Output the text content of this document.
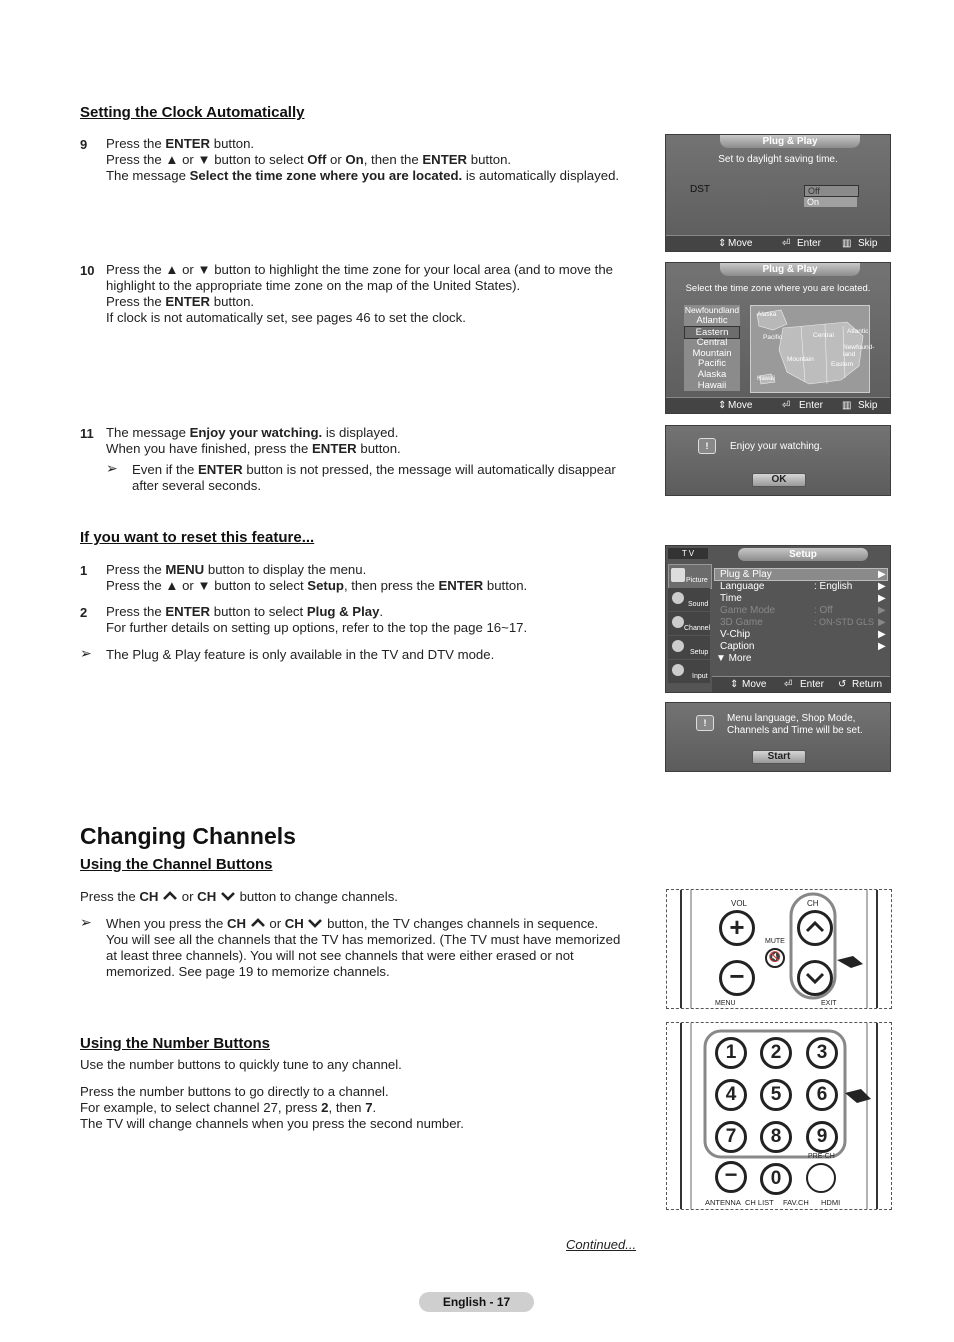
Setting the Clock Automatically
9 Press the ENTER button.
Press the ▲ or ▼ button to select Off or On, then the ENTER button.
The message Select the time zone where you are located. is automatically displayed.
10 Press the ▲ or ▼ button to highlight the time zone for your local area (and to move the
highlight to the appropriate time zone on the map of the United States).
Press the ENTER button.
If clock is not automatically set, see pages 46 to set the clock.
11 The message Enjoy your watching. is displayed.
When you have finished, press the ENTER button.
➢ Even if the ENTER button is not pressed, the message will automatically disappear
after several seconds.
If you want to reset this feature...
1 Press the MENU button to display the menu.
Press the ▲ or ▼ button to select Setup, then press the ENTER button.
2 Press the ENTER button to select Plug & Play.
For further details on setting up options, refer to the top the page 16~17.
➢ The Plug & Play feature is only available in the TV and DTV mode.
Changing Channels
Using the Channel Buttons
Press the CH  or CH  button to change channels.
➢ When you press the CH  or CH  button, the TV changes channels in sequence.
You will see all the channels that the TV has memorized. (The TV must have memorized
at least three channels). You will not see channels that were either erased or not
memorized. See page 19 to memorize channels.
Using the Number Buttons
Use the number buttons to quickly tune to any channel.
Press the number buttons to go directly to a channel.
For example, to select channel 27, press 2, then 7.
The TV will change channels when you press the second number.
Plug & Play
Set to daylight saving time.
DST	Off
On
⇕ Move	⏎ Enter ▥ Skip
Plug & Play
Select the time zone where you are located.
Newfoundland
Atlantic
Eastern
Central
Mountain
Pacific
Alaska
Hawaii
Alaska
Pacific	Central
Atlantic
Newfound-land
Mountain
Eastern
Hawaii
⇕ Move	⏎ Enter ▥ Skip
!	Enjoy your watching.
OK
T V	Setup
Picture
Sound
Channel
Setup
Input
Plug & Play	▶
Language	: English	▶
Time	▶
Game Mode	: Off	▶
3D Game	: ON-STD GLS ▶
V-Chip	▶
Caption	▶
▼ More
⇕ Move ⏎ Enter ↺ Return
!	Menu language, Shop Mode,
Channels and Time will be set.
Start
VOL	CH
+
−
MUTE
🔇
MENU	EXIT
1	2	3
4	5	6
7	8	9
−	0
PRE-CH
ANTENNA CH LIST FAV.CH HDMI
Continued...
English - 17
